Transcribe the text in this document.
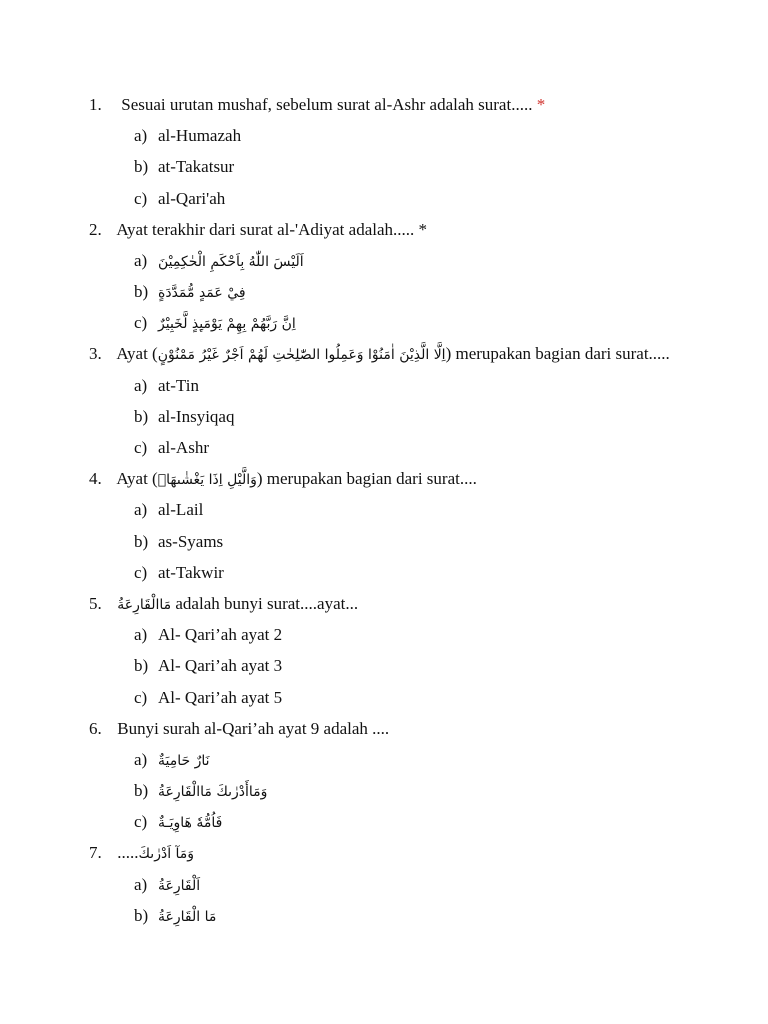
1. Sesuai urutan mushaf, sebelum surat al-Ashr adalah surat..... *
a) al-Humazah
b) at-Takatsur
c) al-Qari'ah
2. Ayat terakhir dari surat al-'Adiyat adalah..... *
a) اَلَيْسَ اللّٰهُ بِاَحْكَمِ الْحٰكِمِيْنَ
b) فِيْ عَمَدٍ مُّمَدَّدَةٍ
c) اِنَّ رَبَّهُمْ بِهِمْ يَوْمَىِٕذٍ لَّخَبِيْرٌ
3. Ayat (اِلَّا الَّذِيْنَ اٰمَنُوْا وَعَمِلُوا الصّٰلِحٰتِ لَهُمْ اَجْرٌ غَيْرُ مَمْنُوْنٍ) merupakan bagian dari surat.....
a) at-Tin
b) al-Insyiqaq
c) al-Ashr
4. Ayat (وَالَّيْلِ اِذَا يَغْشٰىهَاۖ) merupakan bagian dari surat....
a) al-Lail
b) as-Syams
c) at-Takwir
5. مَاالْقَارِعَةُ adalah bunyi surat....ayat...
a) Al- Qari’ah ayat 2
b) Al- Qari’ah ayat 3
c) Al- Qari’ah ayat 5
6. Bunyi surah al-Qari’ah ayat 9 adalah ....
a) نَارٌ حَامِيَةٌ
b) وَمَاأَدْرٰىكَ مَاالْقَارِعَةُ
c) فَاُمُّهٗ هَاوِيَـةٌ
7. .....وَمَآ اَدْرٰىكَ
a) اَلْقَارِعَةُ
b) مَا الْقَارِعَةُ
